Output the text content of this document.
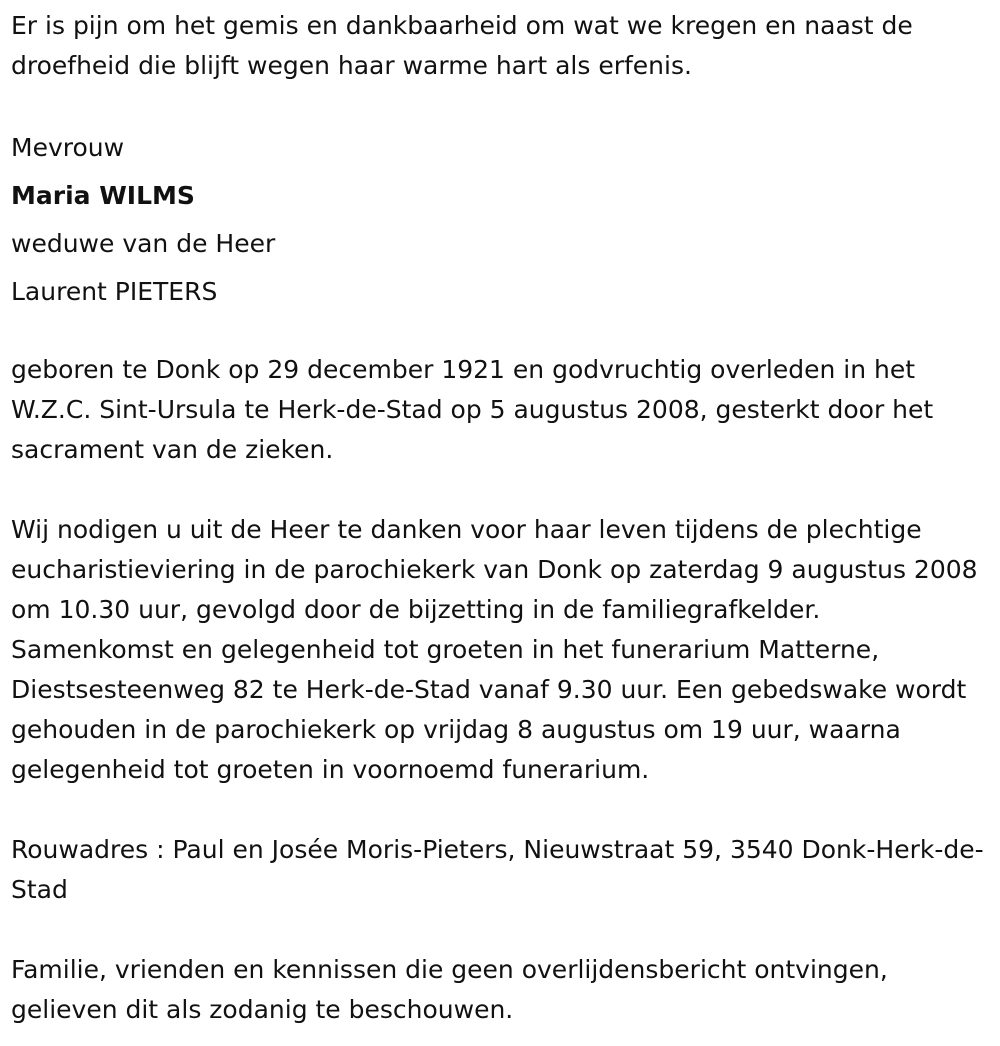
Er is pijn om het gemis en dankbaarheid om wat we kregen en naast de droefheid die blijft wegen haar warme hart als erfenis.

Mevrouw

Maria WILMS

weduwe van de Heer

Laurent PIETERS

geboren te Donk op 29 december 1921 en godvruchtig overleden in het W.Z.C. Sint-Ursula te Herk-de-Stad op 5 augustus 2008, gesterkt door het sacrament van de zieken.

Wij nodigen u uit de Heer te danken voor haar leven tijdens de plechtige eucharistieviering in de parochiekerk van Donk op zaterdag 9 augustus 2008 om 10.30 uur, gevolgd door de bijzetting in de familiegrafkelder. Samenkomst en gelegenheid tot groeten in het funerarium Matterne, Diestsesteenweg 82 te Herk-de-Stad vanaf 9.30 uur. Een gebedswake wordt gehouden in de parochiekerk op vrijdag 8 augustus om 19 uur, waarna gelegenheid tot groeten in voornoemd funerarium.

Rouwadres : Paul en Josée Moris-Pieters, Nieuwstraat 59, 3540 Donk-Herk-de-Stad

Familie, vrienden en kennissen die geen overlijdensbericht ontvingen, gelieven dit als zodanig te beschouwen.
